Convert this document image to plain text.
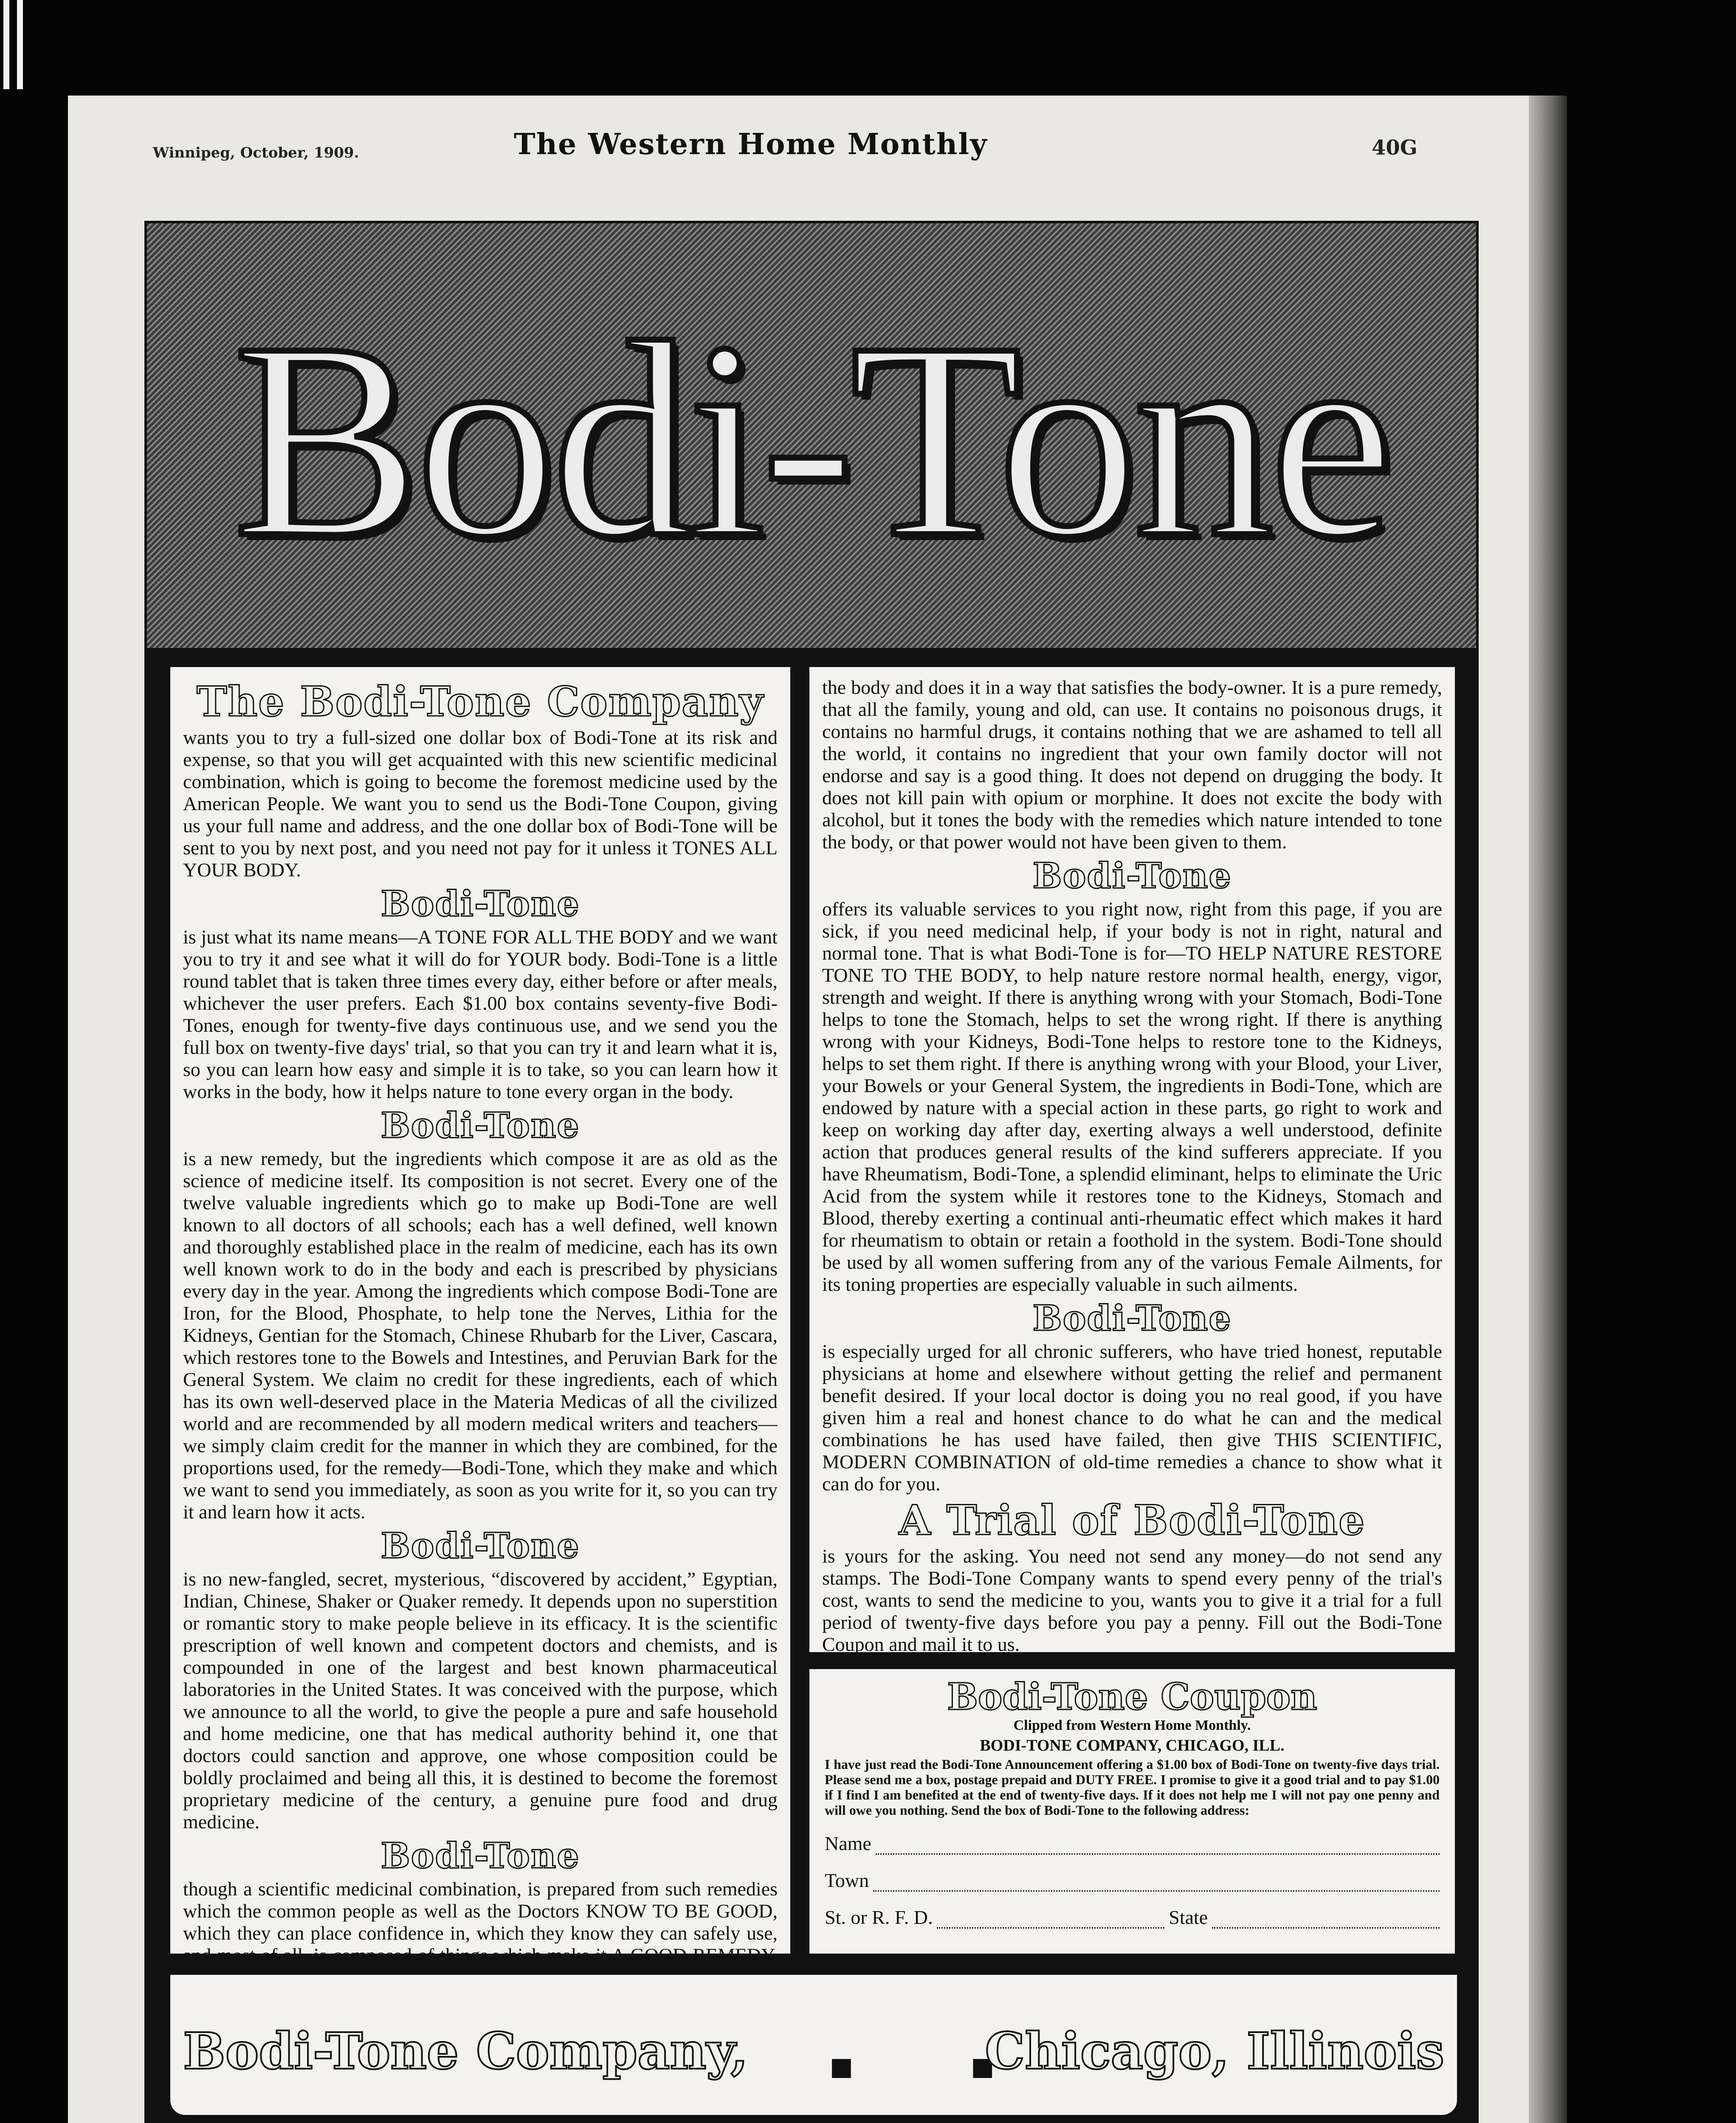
Winnipeg, October, 1909.	The Western Home Monthly	40G
Bodi-Tone
The Bodi-Tone Company

wants you to try a full-sized one dollar box of Bodi-Tone at its risk and expense, so that you will get acquainted with this new scientific medicinal combination, which is going to become the foremost medicine used by the American People. We want you to send us the Bodi-Tone Coupon, giving us your full name and address, and the one dollar box of Bodi-Tone will be sent to you by next post, and you need not pay for it unless it TONES ALL YOUR BODY.

Bodi-Tone

is just what its name means—A TONE FOR ALL THE BODY and we want you to try it and see what it will do for YOUR body. Bodi-Tone is a little round tablet that is taken three times every day, either before or after meals, whichever the user prefers. Each $1.00 box contains seventy-five Bodi-Tones, enough for twenty-five days continuous use, and we send you the full box on twenty-five days' trial, so that you can try it and learn what it is, so you can learn how easy and simple it is to take, so you can learn how it works in the body, how it helps nature to tone every organ in the body.

Bodi-Tone

is a new remedy, but the ingredients which compose it are as old as the science of medicine itself. Its composition is not secret. Every one of the twelve valuable ingredients which go to make up Bodi-Tone are well known to all doctors of all schools; each has a well defined, well known and thoroughly established place in the realm of medicine, each has its own well known work to do in the body and each is prescribed by physicians every day in the year. Among the ingredients which compose Bodi-Tone are Iron, for the Blood, Phosphate, to help tone the Nerves, Lithia for the Kidneys, Gentian for the Stomach, Chinese Rhubarb for the Liver, Cascara, which restores tone to the Bowels and Intestines, and Peruvian Bark for the General System. We claim no credit for these ingredients, each of which has its own well-deserved place in the Materia Medicas of all the civilized world and are recommended by all modern medical writers and teachers—we simply claim credit for the manner in which they are combined, for the proportions used, for the remedy—Bodi-Tone, which they make and which we want to send you immediately, as soon as you write for it, so you can try it and learn how it acts.

Bodi-Tone

is no new-fangled, secret, mysterious, “discovered by accident,” Egyptian, Indian, Chinese, Shaker or Quaker remedy. It depends upon no superstition or romantic story to make people believe in its efficacy. It is the scientific prescription of well known and competent doctors and chemists, and is compounded in one of the largest and best known pharmaceutical laboratories in the United States. It was conceived with the purpose, which we announce to all the world, to give the people a pure and safe household and home medicine, one that has medical authority behind it, one that doctors could sanction and approve, one whose composition could be boldly proclaimed and being all this, it is destined to become the foremost proprietary medicine of the century, a genuine pure food and drug medicine.

Bodi-Tone

though a scientific medicinal combination, is prepared from such remedies which the common people as well as the Doctors KNOW TO BE GOOD, which they can place confidence in, which they know they can safely use, and most of all, is composed of things which make it A GOOD REMEDY.

the body and does it in a way that satisfies the body-owner. It is a pure remedy, that all the family, young and old, can use. It contains no poisonous drugs, it contains no harmful drugs, it contains nothing that we are ashamed to tell all the world, it contains no ingredient that your own family doctor will not endorse and say is a good thing. It does not depend on drugging the body. It does not kill pain with opium or morphine. It does not excite the body with alcohol, but it tones the body with the remedies which nature intended to tone the body, or that power would not have been given to them.

Bodi-Tone

offers its valuable services to you right now, right from this page, if you are sick, if you need medicinal help, if your body is not in right, natural and normal tone. That is what Bodi-Tone is for—TO HELP NATURE RESTORE TONE TO THE BODY, to help nature restore normal health, energy, vigor, strength and weight. If there is anything wrong with your Stomach, Bodi-Tone helps to tone the Stomach, helps to set the wrong right. If there is anything wrong with your Kidneys, Bodi-Tone helps to restore tone to the Kidneys, helps to set them right. If there is anything wrong with your Blood, your Liver, your Bowels or your General System, the ingredients in Bodi-Tone, which are endowed by nature with a special action in these parts, go right to work and keep on working day after day, exerting always a well understood, definite action that produces general results of the kind sufferers appreciate. If you have Rheumatism, Bodi-Tone, a splendid eliminant, helps to eliminate the Uric Acid from the system while it restores tone to the Kidneys, Stomach and Blood, thereby exerting a continual anti-rheumatic effect which makes it hard for rheumatism to obtain or retain a foothold in the system. Bodi-Tone should be used by all women suffering from any of the various Female Ailments, for its toning properties are especially valuable in such ailments.

Bodi-Tone

is especially urged for all chronic sufferers, who have tried honest, reputable physicians at home and elsewhere without getting the relief and permanent benefit desired. If your local doctor is doing you no real good, if you have given him a real and honest chance to do what he can and the medical combinations he has used have failed, then give THIS SCIENTIFIC, MODERN COMBINATION of old-time remedies a chance to show what it can do for you.

A Trial of Bodi-Tone

is yours for the asking. You need not send any money—do not send any stamps. The Bodi-Tone Company wants to spend every penny of the trial's cost, wants to send the medicine to you, wants you to give it a trial for a full period of twenty-five days before you pay a penny. Fill out the Bodi-Tone Coupon and mail it to us.

Bodi-Tone Coupon
Clipped from Western Home Monthly.
BODI-TONE COMPANY, CHICAGO, ILL.
I have just read the Bodi-Tone Announcement offering a $1.00 box of Bodi-Tone on twenty-five days trial. Please send me a box, postage prepaid and DUTY FREE. I promise to give it a good trial and to pay $1.00 if I find I am benefited at the end of twenty-five days. If it does not help me I will not pay one penny and will owe you nothing. Send the box of Bodi-Tone to the following address:
Name
Town
St. or R. F. D.	State
Bodi-Tone Company, ▪ ▪
Chicago, Illinois
